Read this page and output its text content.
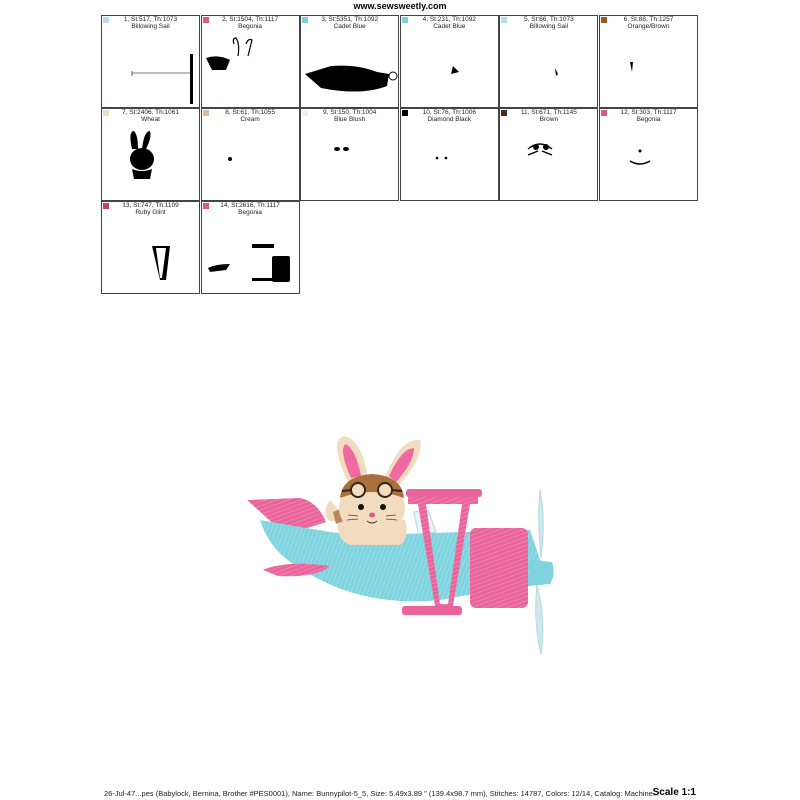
www.sewsweetly.com
1, St:517, Th:1073
Billowing Sail
2, St:1504, Th:1117
Begonia
3, St:5351, Th:1092
Cadet Blue
4, St:231, Th:1092
Cadet Blue
5, St:66, Th:1073
Billowing Sail
6, St:88, Th:1257
Orange/Brown
7, St:2406, Th:1061
Wheat
8, St:61, Th:1055
Cream
9, St:150, Th:1004
Blue Blush
10, St:76, Th:1006
Diamond Black
11, St:671, Th:1145
Brown
12, St:303, Th:1117
Begonia
13, St:747, Th:1109
Ruby Glint
14, St:2616, Th:1117
Begonia
26-Jul-47...pes (Babylock, Bernina, Brother #PES0001), Name: Bunnypilot-5_5, Size: 5.49x3.89 " (139.4x98.7 mm), Stitches: 14787, Colors: 12/14, Catalog: Machine...
Scale 1:1
